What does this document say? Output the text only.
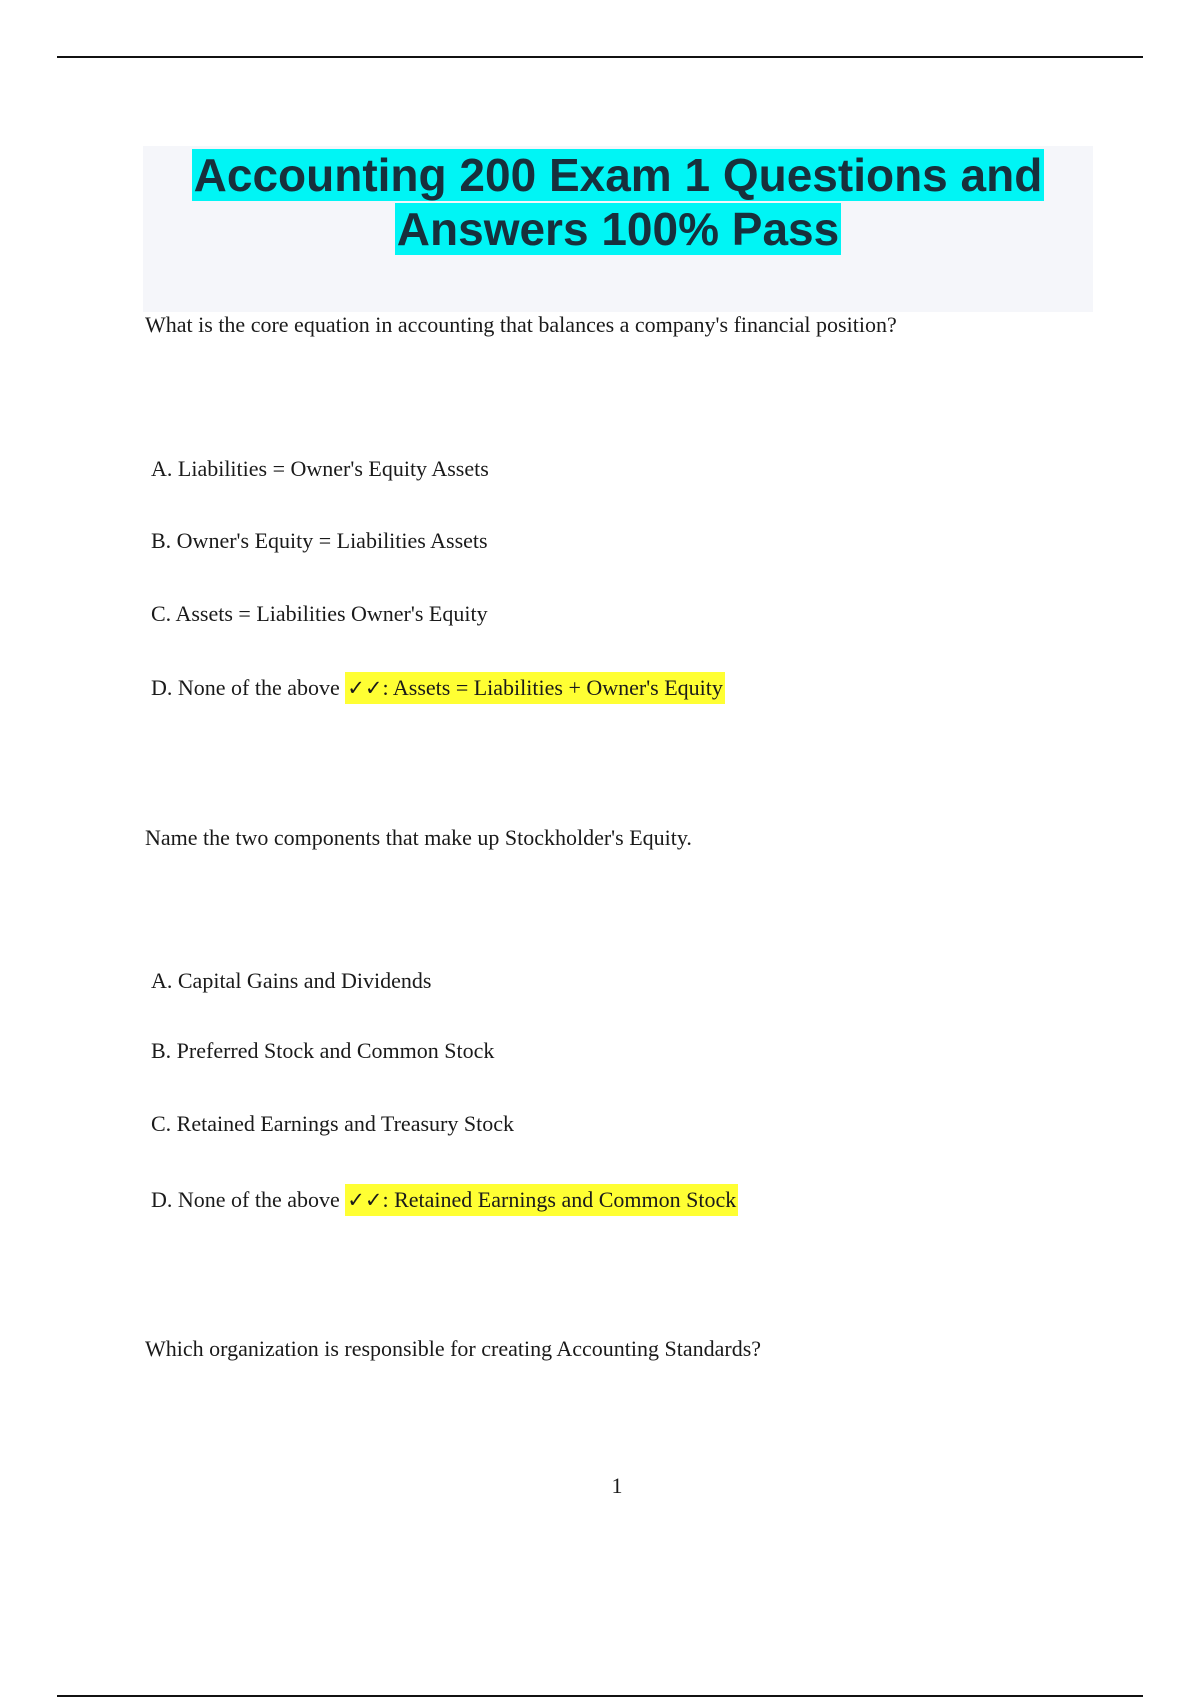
Accounting 200 Exam 1 Questions and
Answers 100% Pass
What is the core equation in accounting that balances a company's financial position?
A. Liabilities = Owner's Equity Assets
B. Owner's Equity = Liabilities Assets
C. Assets = Liabilities Owner's Equity
D. None of the above ✓✓: Assets = Liabilities + Owner's Equity
Name the two components that make up Stockholder's Equity.
A. Capital Gains and Dividends
B. Preferred Stock and Common Stock
C. Retained Earnings and Treasury Stock
D. None of the above ✓✓: Retained Earnings and Common Stock
Which organization is responsible for creating Accounting Standards?
1
